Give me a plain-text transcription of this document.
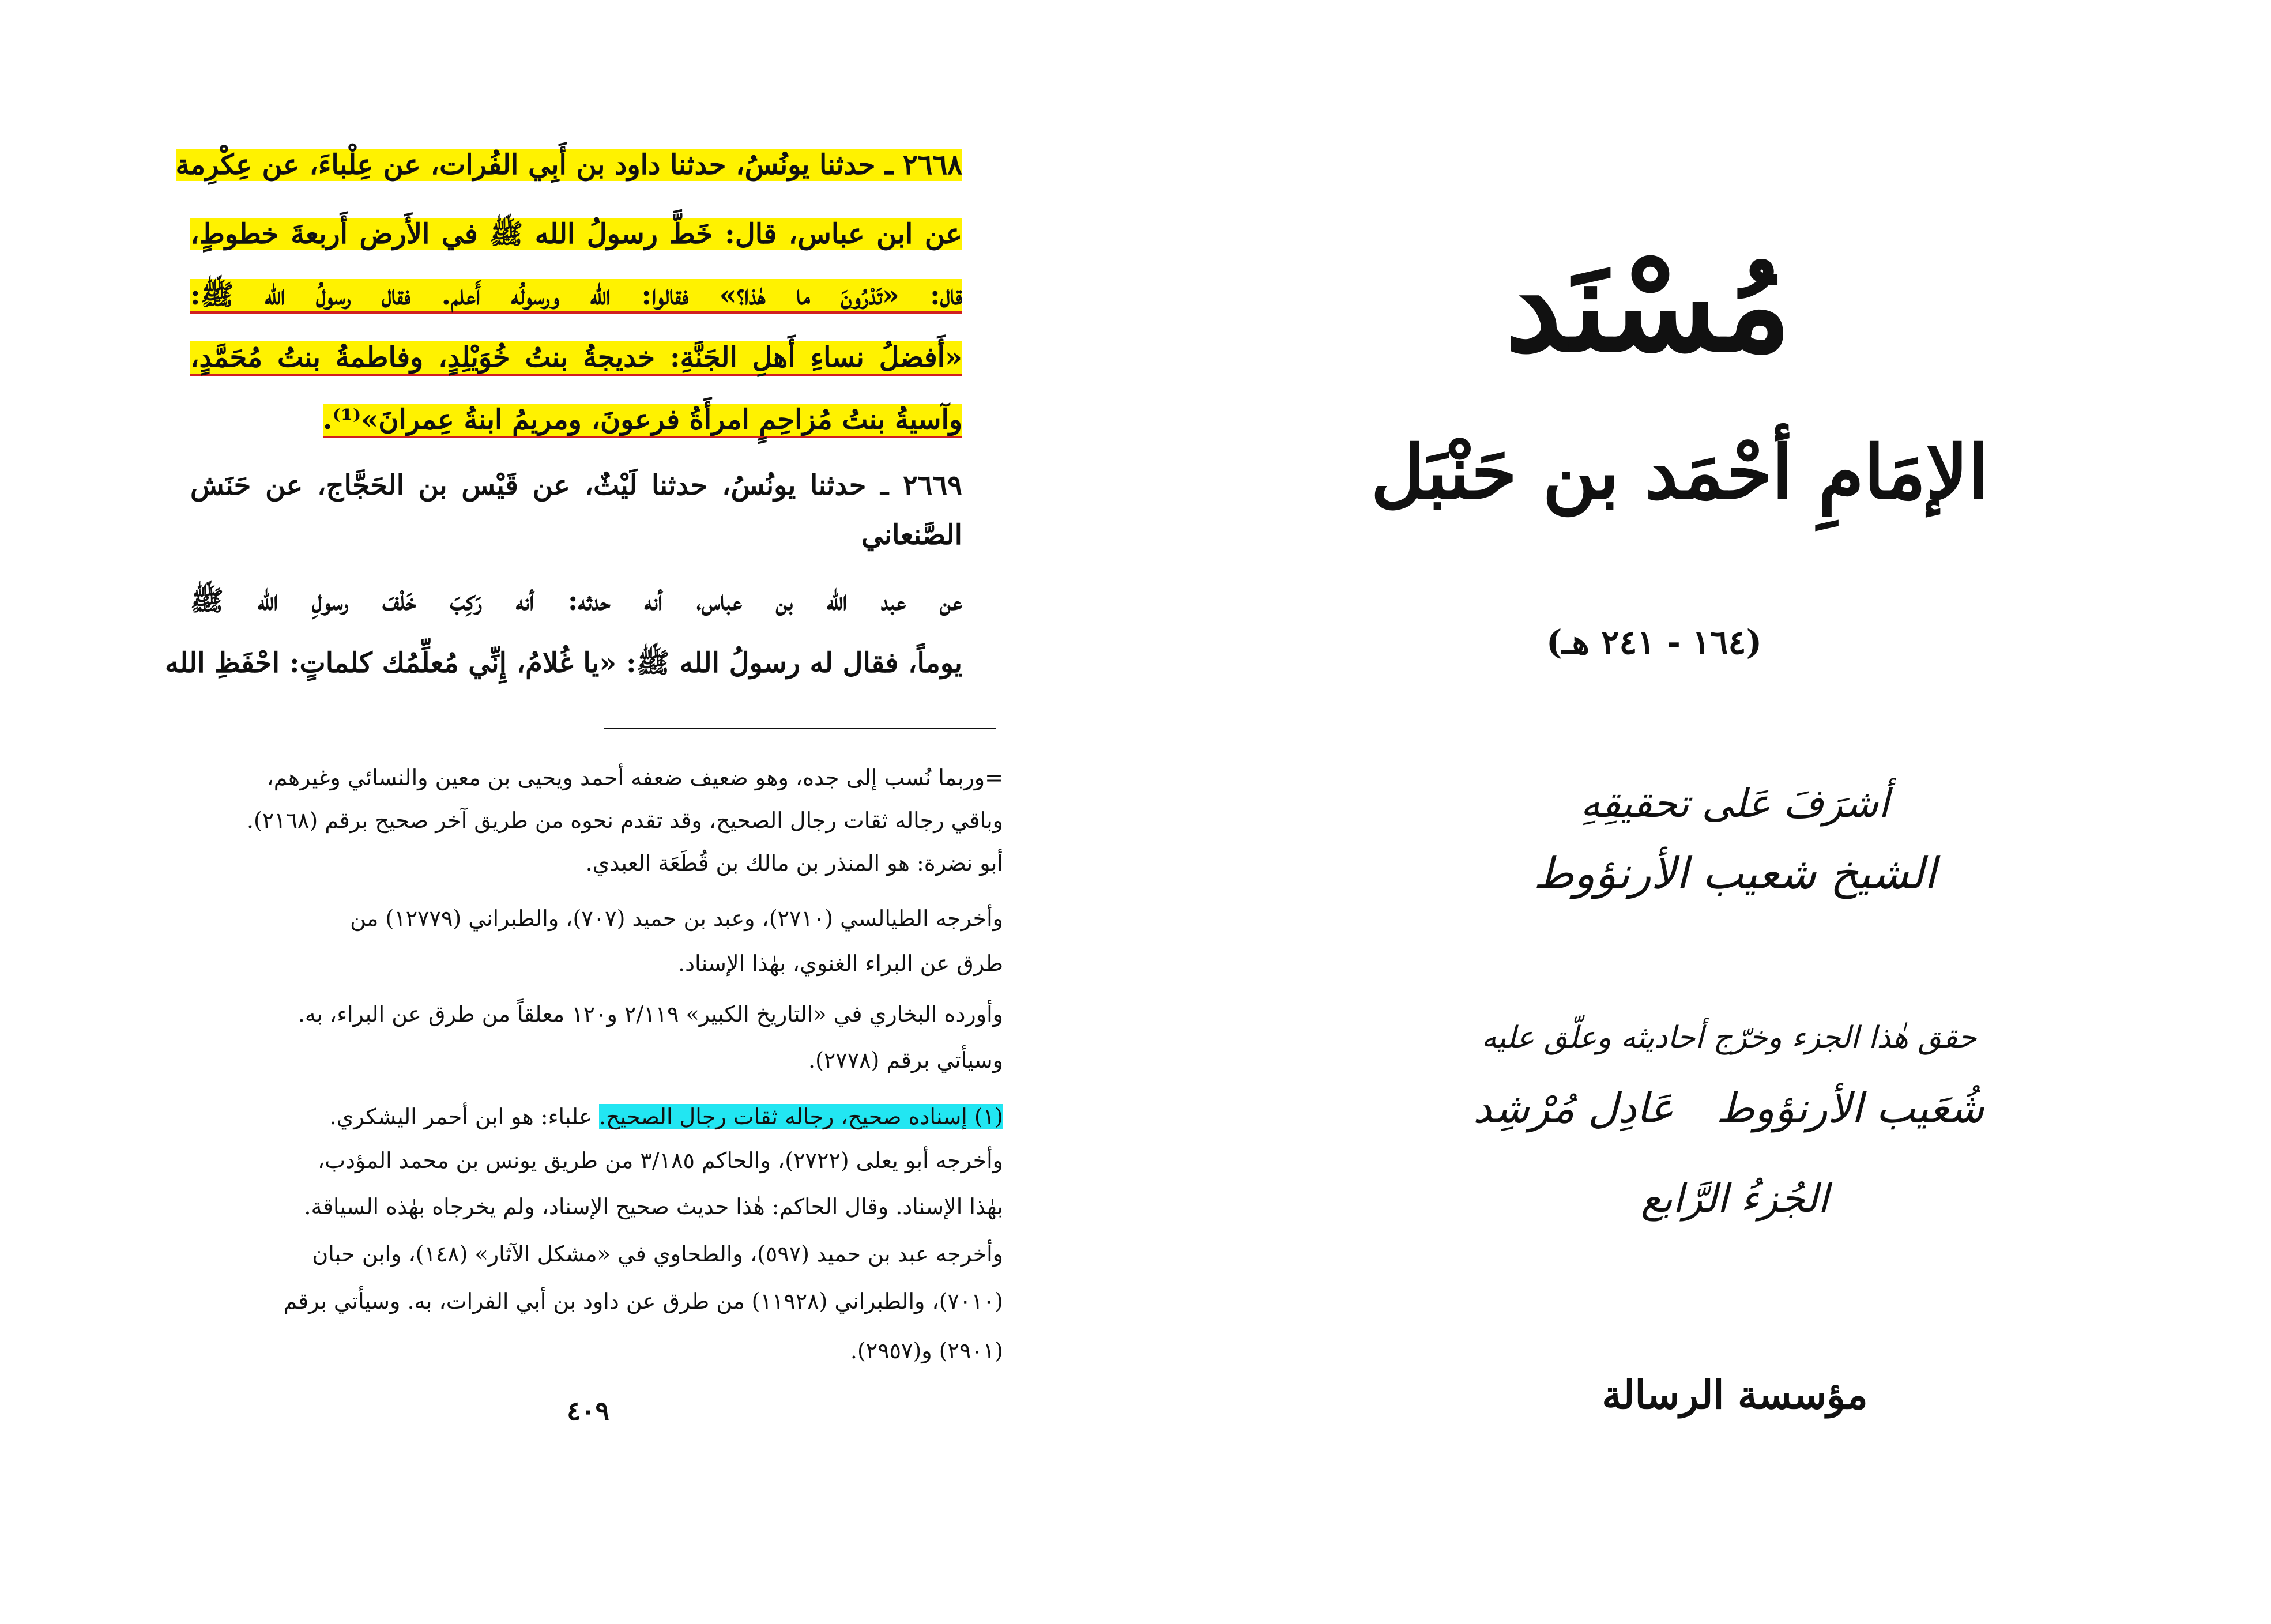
٢٦٦٨ ـ حدثنا يونُسُ، حدثنا داود بن أَبِي الفُرات، عن عِلْباءَ، عن عِكْرِمة
عن ابن عباس، قال: خَطَّ رسولُ الله ﷺ في الأَرض أَربعةَ خطوطٍ،
قال: «تَدْرُونَ ما هٰذا؟» فقالوا: الله ورسولُه أَعلم. فقال رسولُ الله ﷺ:
«أَفضلُ نساءِ أَهلِ الجَنَّةِ: خديجةُ بنتُ خُوَيْلِدٍ، وفاطمةُ بنتُ مُحَمَّدٍ،
وآسيةُ بنتُ مُزاحِمٍ امرأَةُ فرعونَ، ومريمُ ابنةُ عِمرانَ»⁽¹⁾.
٢٦٦٩ ـ حدثنا يونُسُ، حدثنا لَيْثٌ، عن قَيْس بن الحَجَّاج، عن حَنَش
الصَّنعاني
عن عبد الله بن عباس، أنه حدثه: أنه رَكِبَ خَلْفَ رسولِ الله ﷺ
يوماً، فقال له رسولُ الله ﷺ: «يا غُلامُ، إِنِّي مُعلِّمُك كلماتٍ: احْفَظِ الله
=وربما نُسب إلى جده، وهو ضعيف ضعفه أحمد ويحيى بن معين والنسائي وغيرهم،
وباقي رجاله ثقات رجال الصحيح، وقد تقدم نحوه من طريق آخر صحيح برقم (٢١٦٨).
أبو نضرة: هو المنذر بن مالك بن قُطَعَة العبدي.
وأخرجه الطيالسي (٢٧١٠)، وعبد بن حميد (٧٠٧)، والطبراني (١٢٧٧٩) من
طرق عن البراء الغنوي، بهٰذا الإسناد.
وأورده البخاري في «التاريخ الكبير» ٢/١١٩ و١٢٠ معلقاً من طرق عن البراء، به.
وسيأتي برقم (٢٧٧٨).
(١) إسناده صحيح، رجاله ثقات رجال الصحيح. علباء: هو ابن أحمر اليشكري.
وأخرجه أبو يعلى (٢٧٢٢)، والحاكم ٣/١٨٥ من طريق يونس بن محمد المؤدب،
بهٰذا الإسناد. وقال الحاكم: هٰذا حديث صحيح الإسناد، ولم يخرجاه بهٰذه السياقة.
وأخرجه عبد بن حميد (٥٩٧)، والطحاوي في «مشكل الآثار» (١٤٨)، وابن حبان
(٧٠١٠)، والطبراني (١١٩٢٨) من طرق عن داود بن أبي الفرات، به. وسيأتي برقم
(٢٩٠١) و(٢٩٥٧).
٤٠٩
مُسْنَد
الإمَامِ أحْمَد بن حَنْبَل
(١٦٤ - ٢٤١ هـ)
أشرَفَ عَلى تحقيقِهِ
الشيخ شعيب الأرنؤوط
حقق هٰذا الجزء وخرّج أحاديثه وعلّق عليه
شُعَيب الأرنؤوط
عَادِل مُرْشِد
الجُزءُ الرَّابع
مؤسسة الرسالة
